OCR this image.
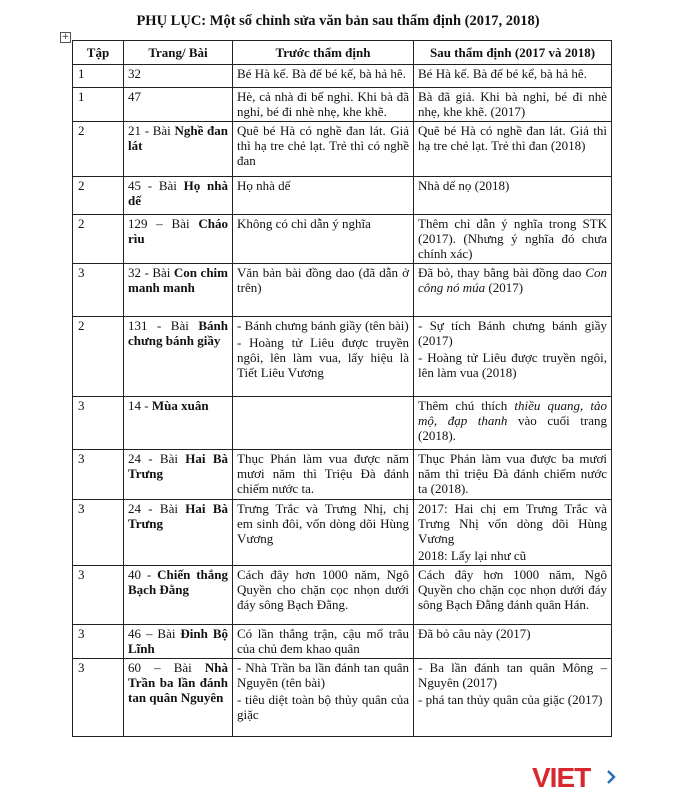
PHỤ LỤC: Một số chỉnh sửa văn bản sau thẩm định (2017, 2018)
+
Tập	Trang/ Bài	Trước thẩm định	Sau thẩm định (2017 và 2018)
1	32	Bé Hà kể. Bà đế bé kế, bà hả hê.	Bé Hà kể. Bà đế bé kể, bà hả hê.

1	47	Hè, cả nhà đi bế nghỉ. Khi bà đã nghỉ, bé đi nhè nhẹ, khe khẽ.	Bà đã giả. Khi bà nghỉ, bé đi nhè nhẹ, khe khẽ. (2017)

2	21 - Bài Nghề đan lát	Quê bé Hà có nghề đan lát. Giả thì hạ tre chẻ lạt. Trẻ thì có nghề đan	Quê bé Hà có nghề đan lát. Giả thì hạ tre chẻ lạt. Trẻ thì đan (2018)

2	45 - Bài Họ nhà dế	Họ nhà dế	Nhà dế nọ (2018)

2	129 – Bài Cháo rìu	Không có chỉ dẫn ý nghĩa	Thêm chỉ dẫn ý nghĩa trong STK (2017). (Nhưng ý nghĩa đó chưa chính xác)

3	32 - Bài Con chim manh manh	Văn bản bài đồng dao (đã dẫn ở trên)	Đã bỏ, thay bằng bài đồng dao Con công nó múa (2017)

2	131 - Bài Bánh chưng bánh giầy	- Bánh chưng bánh giầy (tên bài)
- Hoàng tử Liêu được truyền ngôi, lên làm vua, lấy hiệu là Tiết Liêu Vương	- Sự tích Bánh chưng bánh giầy (2017)
- Hoàng tử Liêu được truyền ngôi, lên làm vua (2018)

3	14 - Mùa xuân		Thêm chú thích thiều quang, tảo mộ, đạp thanh vào cuối trang (2018).

3	24 - Bài Hai Bà Trưng	Thục Phán làm vua được năm mươi năm thì Triệu Đà đánh chiếm nước ta.	Thục Phán làm vua được ba mươi năm thì triệu Đà đánh chiếm nước ta (2018).

3	24 - Bài Hai Bà Trưng	Trưng Trắc và Trưng Nhị, chị em sinh đôi, vốn dòng dõi Hùng Vương	2017: Hai chị em Trưng Trắc và Trưng Nhị vốn dòng dõi Hùng Vương
2018: Lấy lại như cũ

3	40 - Chiến thắng Bạch Đằng	Cách đây hơn 1000 năm, Ngô Quyền cho chặn cọc nhọn dưới đáy sông Bạch Đằng.	Cách đây hơn 1000 năm, Ngô Quyền cho chặn cọc nhọn dưới đáy sông Bạch Đằng đánh quân Hán.

3	46 – Bài Đinh Bộ Lĩnh	Có lần thắng trận, cậu mổ trâu của chủ đem khao quân	Đã bỏ câu này (2017)

3	60 – Bài Nhà Trần ba lần đánh tan quân Nguyên	- Nhà Trần ba lần đánh tan quân Nguyên (tên bài)
- tiêu diệt toàn bộ thủy quân của giặc	- Ba lần đánh tan quân Mông – Nguyên (2017)
- phá tan thủy quân của giặc (2017)
VIET
